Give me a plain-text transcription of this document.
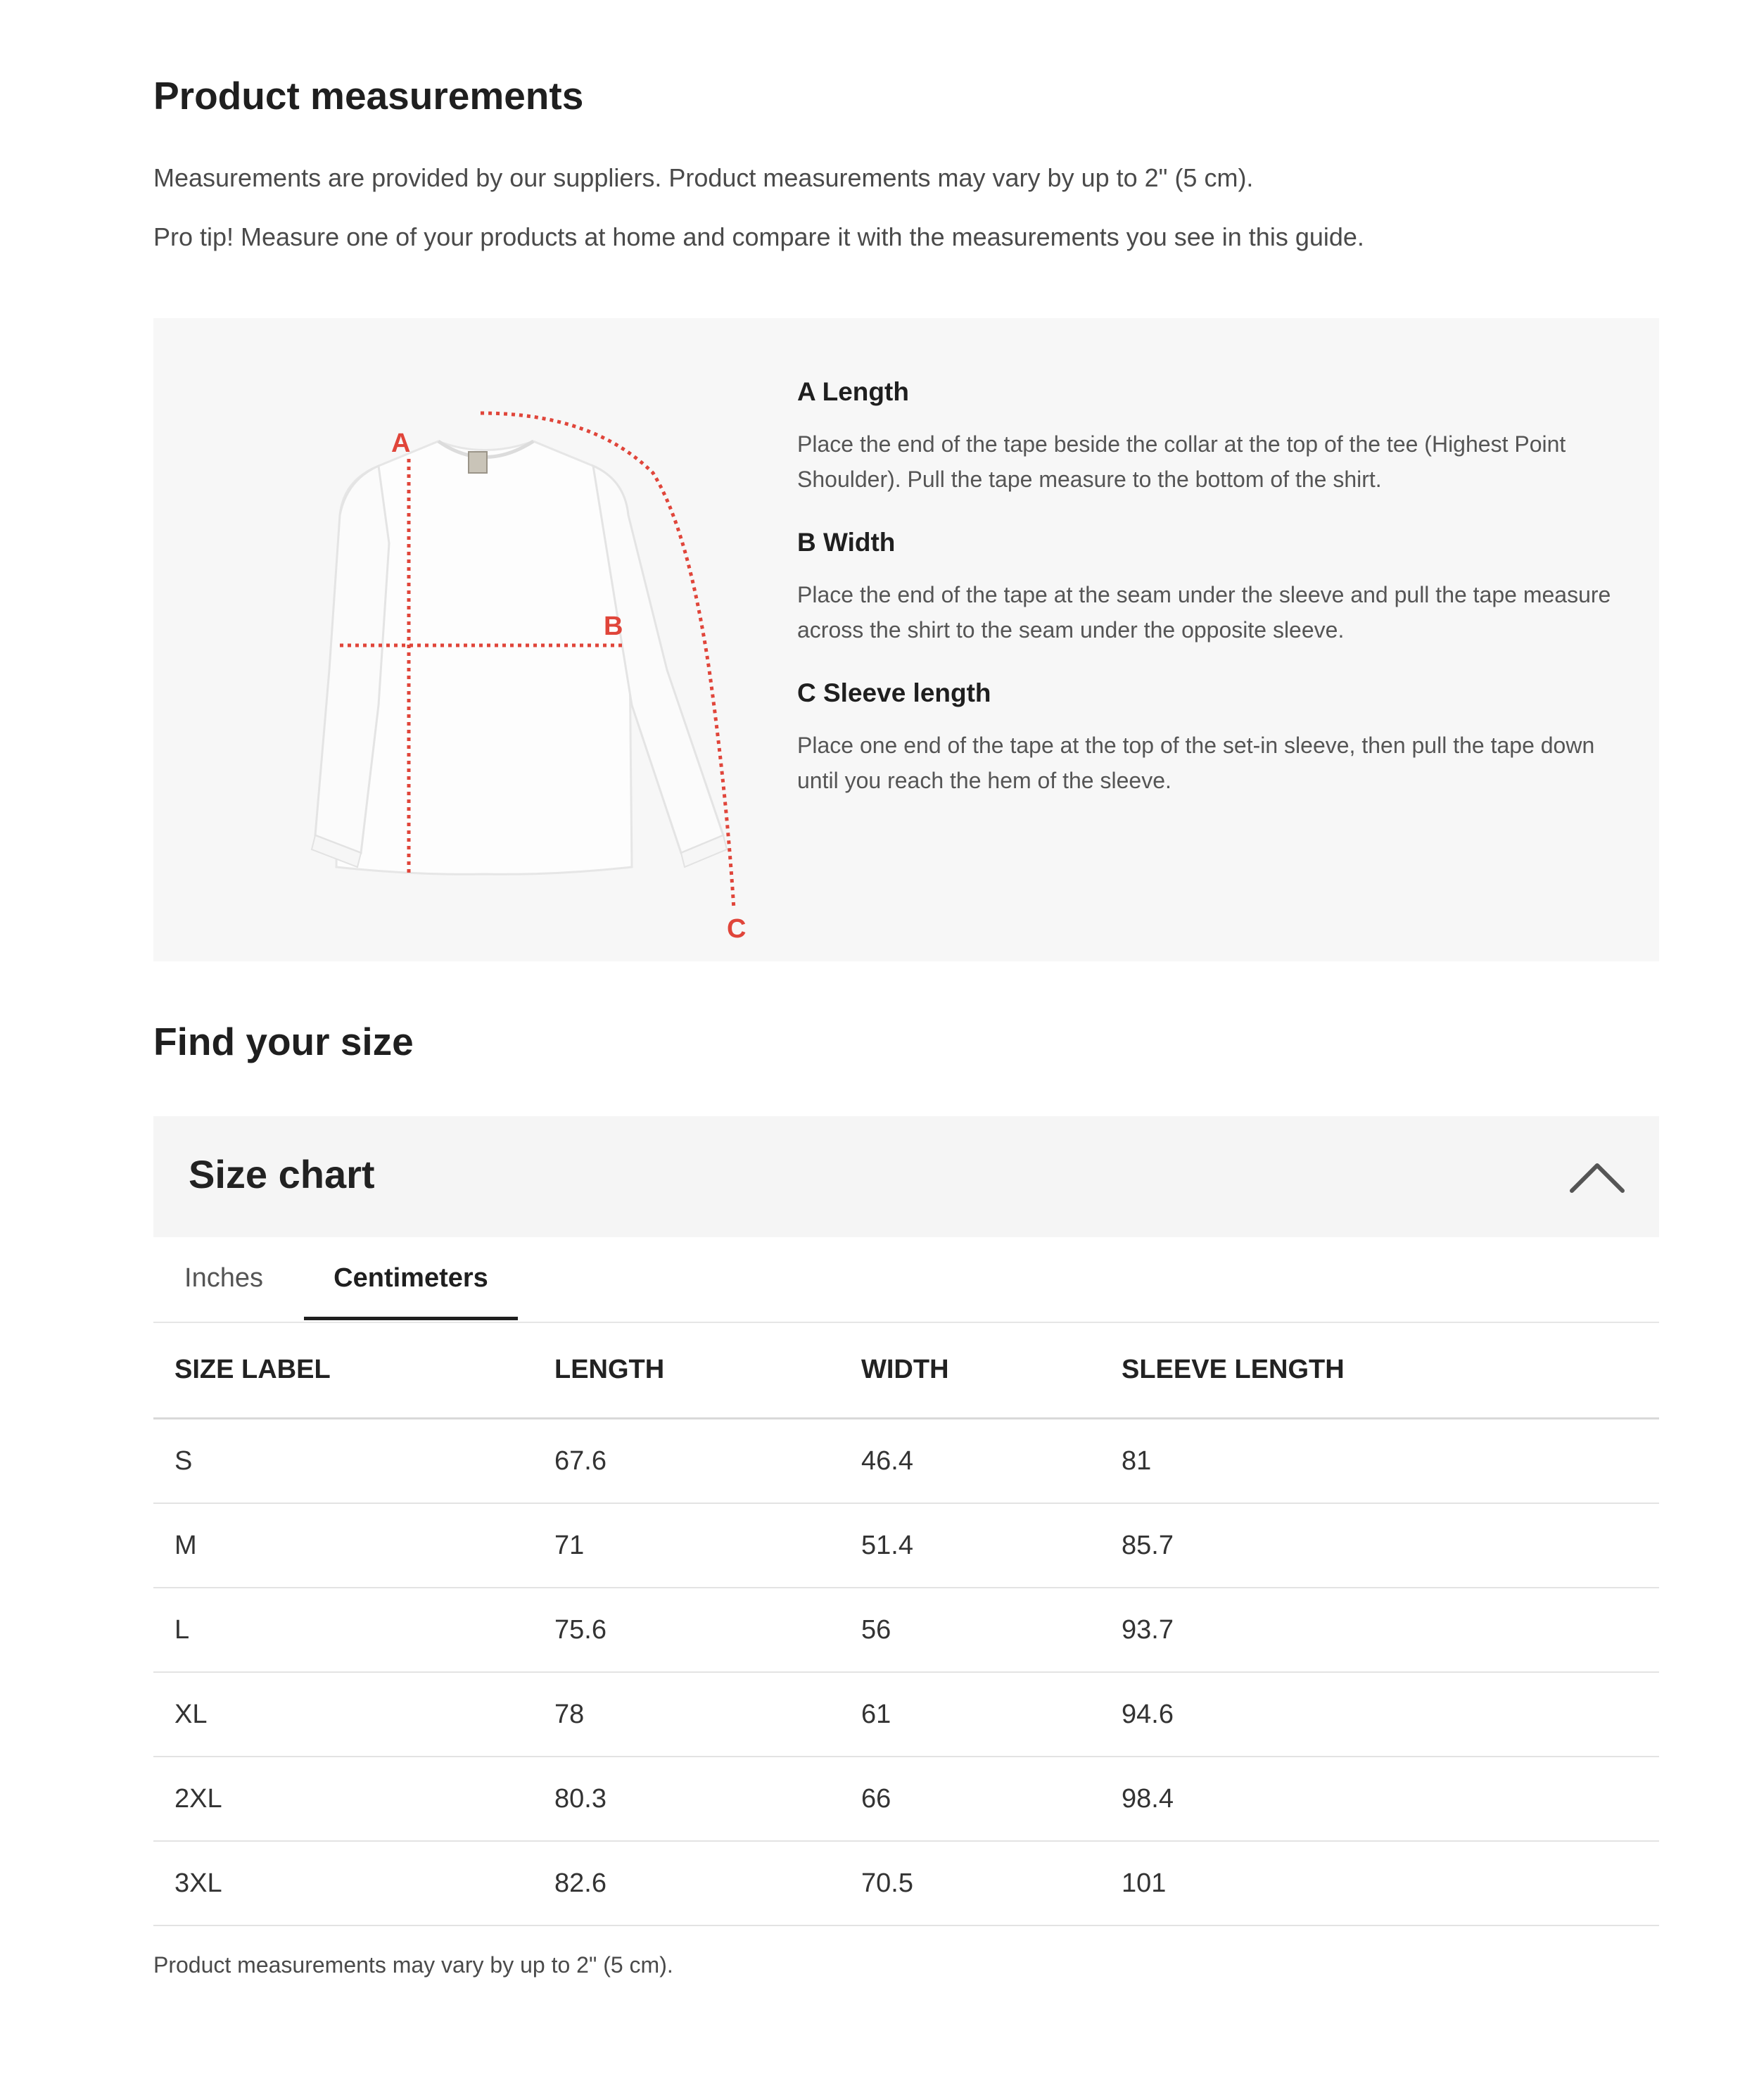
Product measurements

Measurements are provided by our suppliers. Product measurements may vary by up to 2" (5 cm).

Pro tip! Measure one of your products at home and compare it with the measurements you see in this guide.

A
B
C
A Length

Place the end of the tape beside the collar at the top of the tee (Highest Point Shoulder). Pull the tape measure to the bottom of the shirt.

B Width

Place the end of the tape at the seam under the sleeve and pull the tape measure across the shirt to the seam under the opposite sleeve.

C Sleeve length

Place one end of the tape at the top of the set-in sleeve, then pull the tape down until you reach the hem of the sleeve.

Find your size
Size chart
Inches	Centimeters
SIZE LABEL	LENGTH	WIDTH	SLEEVE LENGTH
S	67.6	46.4	81
M	71	51.4	85.7
L	75.6	56	93.7
XL	78	61	94.6
2XL	80.3	66	98.4
3XL	82.6	70.5	101

Product measurements may vary by up to 2" (5 cm).
